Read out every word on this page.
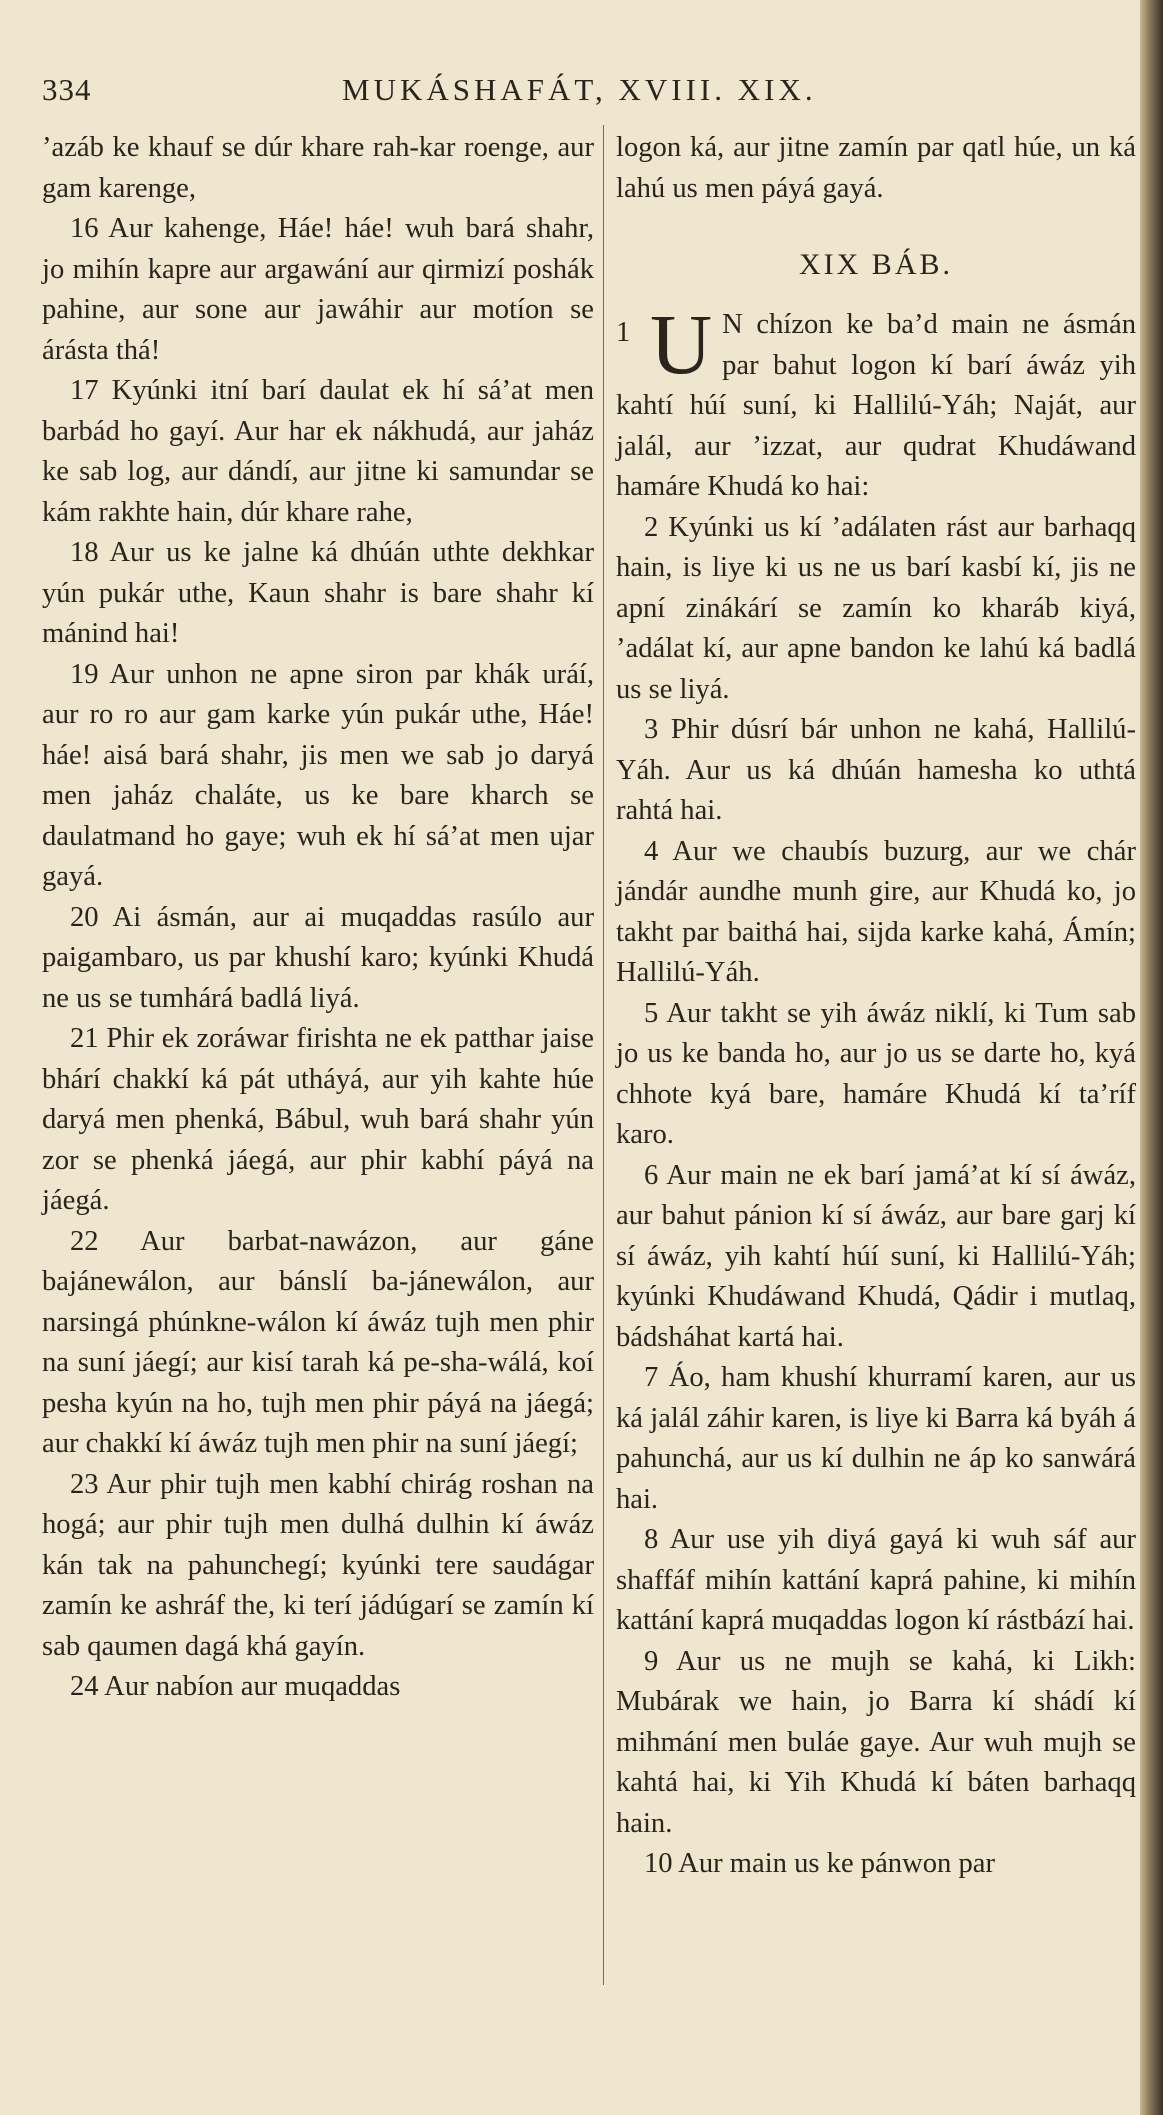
334	MUKÁSHAFÁT, XVIII. XIX.

’azáb ke khauf se dúr khare rah-kar roenge, aur gam karenge,

16 Aur kahenge, Háe! háe! wuh bará shahr, jo mihín kapre aur argawání aur qirmizí poshák pahine, aur sone aur jawáhir aur motíon se árásta thá!

17 Kyúnki itní barí daulat ek hí sá’at men barbád ho gayí. Aur har ek nákhudá, aur jaház ke sab log, aur dándí, aur jitne ki samundar se kám rakhte hain, dúr khare rahe,

18 Aur us ke jalne ká dhúán uthte dekhkar yún pukár uthe, Kaun shahr is bare shahr kí mánind hai!

19 Aur unhon ne apne siron par khák uráí, aur ro ro aur gam karke yún pukár uthe, Háe! háe! aisá bará shahr, jis men we sab jo daryá men jaház chaláte, us ke bare kharch se daulatmand ho gaye; wuh ek hí sá’at men ujar gayá.

20 Ai ásmán, aur ai muqaddas rasúlo aur paigambaro, us par khushí karo; kyúnki Khudá ne us se tumhárá badlá liyá.

21 Phir ek zoráwar firishta ne ek patthar jaise bhárí chakkí ká pát utháyá, aur yih kahte húe daryá men phenká, Bábul, wuh bará shahr yún zor se phenká jáegá, aur phir kabhí páyá na jáegá.

22 Aur barbat-nawázon, aur gáne bajánewálon, aur bánslí ba-jánewálon, aur narsingá phúnkne-wálon kí áwáz tujh men phir na suní jáegí; aur kisí tarah ká pe-sha-wálá, koí pesha kyún na ho, tujh men phir páyá na jáegá; aur chakkí kí áwáz tujh men phir na suní jáegí;

23 Aur phir tujh men kabhí chirág roshan na hogá; aur phir tujh men dulhá dulhin kí áwáz kán tak na pahunchegí; kyúnki tere saudágar zamín ke ashráf the, ki terí jádúgarí se zamín kí sab qaumen dagá khá gayín.

24 Aur nabíon aur muqaddas

logon ká, aur jitne zamín par qatl húe, un ká lahú us men páyá gayá.

XIX BÁB.

1 U N chízon ke ba’d main ne ásmán par bahut logon kí barí áwáz yih kahtí húí suní, ki Hallilú-Yáh; Naját, aur jalál, aur ’izzat, aur qudrat Khudáwand hamáre Khudá ko hai:

2 Kyúnki us kí ’adálaten rást aur barhaqq hain, is liye ki us ne us barí kasbí kí, jis ne apní zinákárí se zamín ko kharáb kiyá, ’adálat kí, aur apne bandon ke lahú ká badlá us se liyá.

3 Phir dúsrí bár unhon ne kahá, Hallilú-Yáh. Aur us ká dhúán hamesha ko uthtá rahtá hai.

4 Aur we chaubís buzurg, aur we chár jándár aundhe munh gire, aur Khudá ko, jo takht par baithá hai, sijda karke kahá, Ámín; Hallilú-Yáh.

5 Aur takht se yih áwáz niklí, ki Tum sab jo us ke banda ho, aur jo us se darte ho, kyá chhote kyá bare, hamáre Khudá kí ta’ríf karo.

6 Aur main ne ek barí jamá’at kí sí áwáz, aur bahut pánion kí sí áwáz, aur bare garj kí sí áwáz, yih kahtí húí suní, ki Hallilú-Yáh; kyúnki Khudáwand Khudá, Qádir i mutlaq, bádsháhat kartá hai.

7 Áo, ham khushí khurramí karen, aur us ká jalál záhir karen, is liye ki Barra ká byáh á pahunchá, aur us kí dulhin ne áp ko sanwárá hai.

8 Aur use yih diyá gayá ki wuh sáf aur shaffáf mihín kattání kaprá pahine, ki mihín kattání kaprá muqaddas logon kí rástbází hai.

9 Aur us ne mujh se kahá, ki Likh: Mubárak we hain, jo Barra kí shádí kí mihmání men buláe gaye. Aur wuh mujh se kahtá hai, ki Yih Khudá kí báten barhaqq hain.

10 Aur main us ke pánwon par
